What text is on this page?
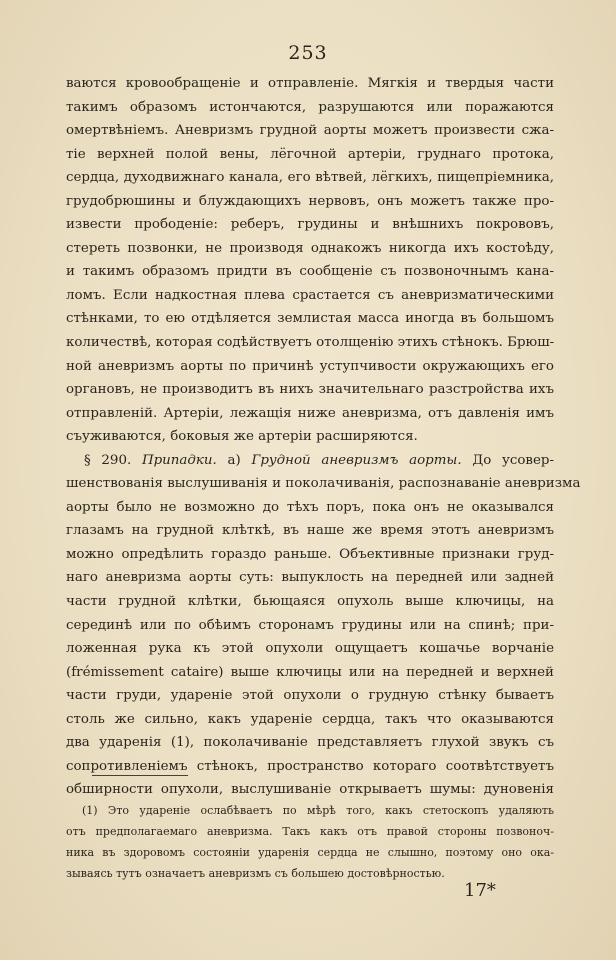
253
ваются кровообращенie и отправленie. Мягкiя и твердыя части
такимъ образомъ истончаются, разрушаются или поражаются
омертвѣнiемъ. Аневризмъ грудной аорты можетъ произвести сжа-
тiе верхней полой вены, лёгочной артерiи, груднаго протока,
сердца, духодвижнаго канала, его вѣтвей, лёгкихъ, пищепрiемника,
грудобрюшины и блуждающихъ нервовъ, онъ можетъ также про-
извести прободенiе: реберъ, грудины и внѣшнихъ покрововъ,
стереть позвонки, не производя однакожъ никогда ихъ костоѣду,
и такимъ образомъ придти въ сообщенiе съ позвоночнымъ кана-
ломъ. Если надкостная плева срастается съ аневризматическими
стѣнками, то ею отдѣляется землистая масса иногда въ большомъ
количествѣ, которая содѣйствуетъ отолщенiю этихъ стѣнокъ. Брюш-
ной аневризмъ аорты по причинѣ уступчивости окружающихъ его
органовъ, не производитъ въ нихъ значительнаго разстройства ихъ
отправленiй. Артерiи, лежащiя ниже аневризма, отъ давленiя имъ
съуживаются, боковыя же артерiи расширяются.
§ 290. Припадки. а) Грудной аневризмъ аорты. До усовер-
шенствованiя выслушиванiя и поколачиванiя, распознаванiе аневризма
аорты было не возможно до тѣхъ поръ, пока онъ не оказывался
глазамъ на грудной клѣткѣ, въ наше же время этотъ аневризмъ
можно опредѣлить гораздо раньше. Объективные признаки груд-
наго аневризма аорты суть: выпуклость на передней или задней
части грудной клѣтки, бьющаяся опухоль выше ключицы, на
серединѣ или по обѣимъ сторонамъ грудины или на спинѣ; при-
ложенная рука къ этой опухоли ощущаетъ кошачье ворчанiе
(frémissement cataire) выше ключицы или на передней и верхней
части груди, ударенiе этой опухоли о грудную стѣнку бываетъ
столь же сильно, какъ ударенiе сердца, такъ что оказываются
два ударенiя (1), поколачиванiе представляетъ глухой звукъ съ
сопротивленiемъ стѣнокъ, пространство котораго соотвѣтствуетъ
обширности опухоли, выслушиванiе открываетъ шумы: дуновенiя
(1) Это ударенiе ослабѣваетъ по мѣрѣ того, какъ стетоскопъ удаляють
отъ предполагаемаго аневризма. Такъ какъ отъ правой стороны позвоноч-
ника въ здоровомъ состоянiи ударенiя сердца не слышно, поэтому оно ока-
зываясь тутъ означаетъ аневризмъ съ большею достовѣрностью.
17*
